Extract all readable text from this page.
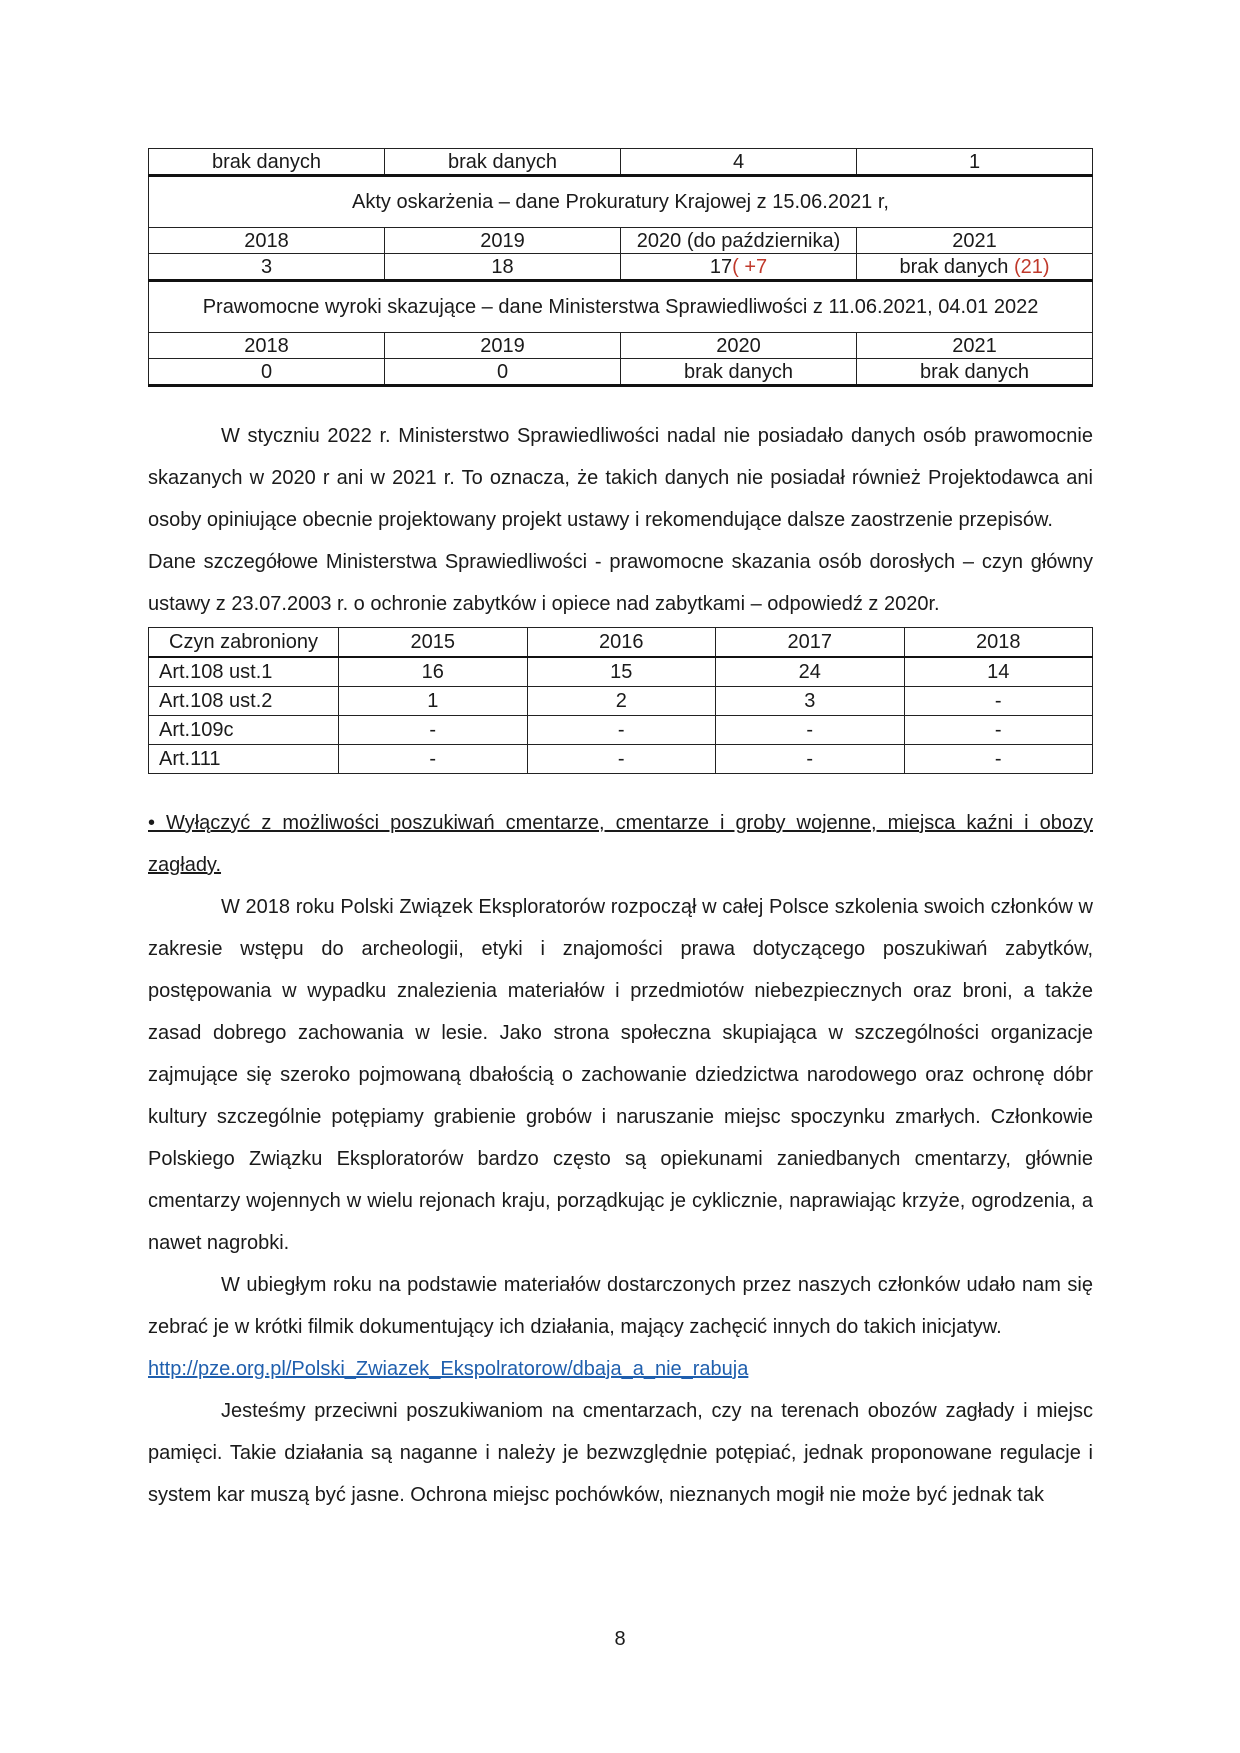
brak danych	brak danych	4	1
Akty oskarżenia – dane Prokuratury Krajowej z 15.06.2021 r,			
2018	2019	2020 (do października)	2021
3	18	17( +7	brak danych (21)
Prawomocne wyroki skazujące – dane Ministerstwa Sprawiedliwości z 11.06.2021, 04.01 2022			
2018	2019	2020	2021
0	0	brak danych	brak danych

W styczniu 2022 r. Ministerstwo Sprawiedliwości nadal nie posiadało danych osób prawomocnie skazanych w 2020 r ani w 2021 r. To oznacza, że takich danych nie posiadał również Projektodawca ani osoby opiniujące obecnie projektowany projekt ustawy i rekomendujące dalsze zaostrzenie przepisów.

Dane szczegółowe Ministerstwa Sprawiedliwości - prawomocne skazania osób dorosłych – czyn główny ustawy z 23.07.2003 r. o ochronie zabytków i opiece nad zabytkami – odpowiedź z 2020r.

Czyn zabroniony	2015	2016	2017	2018
Art.108 ust.1	16	15	24	14
Art.108 ust.2	1	2	3	-
Art.109c	-	-	-	-
Art.111	-	-	-	-

• Wyłączyć z możliwości poszukiwań cmentarze, cmentarze i groby wojenne, miejsca kaźni i obozy zagłady.

W 2018 roku Polski Związek Eksploratorów rozpoczął w całej Polsce szkolenia swoich członków w zakresie wstępu do archeologii, etyki i znajomości prawa dotyczącego poszukiwań zabytków, postępowania w wypadku znalezienia materiałów i przedmiotów niebezpiecznych oraz broni, a także zasad dobrego zachowania w lesie. Jako strona społeczna skupiająca w szczególności organizacje zajmujące się szeroko pojmowaną dbałością o zachowanie dziedzictwa narodowego oraz ochronę dóbr kultury szczególnie potępiamy grabienie grobów i naruszanie miejsc spoczynku zmarłych. Członkowie Polskiego Związku Eksploratorów bardzo często są opiekunami zaniedbanych cmentarzy, głównie cmentarzy wojennych w wielu rejonach kraju, porządkując je cyklicznie, naprawiając krzyże, ogrodzenia, a nawet nagrobki.

W ubiegłym roku na podstawie materiałów dostarczonych przez naszych członków udało nam się zebrać je w krótki filmik dokumentujący ich działania, mający zachęcić innych do takich inicjatyw.

http://pze.org.pl/Polski_Zwiazek_Ekspolratorow/dbaja_a_nie_rabuja

Jesteśmy przeciwni poszukiwaniom na cmentarzach, czy na terenach obozów zagłady i miejsc pamięci. Takie działania są naganne i należy je bezwzględnie potępiać, jednak proponowane regulacje i system kar muszą być jasne. Ochrona miejsc pochówków, nieznanych mogił nie może być jednak tak

8
